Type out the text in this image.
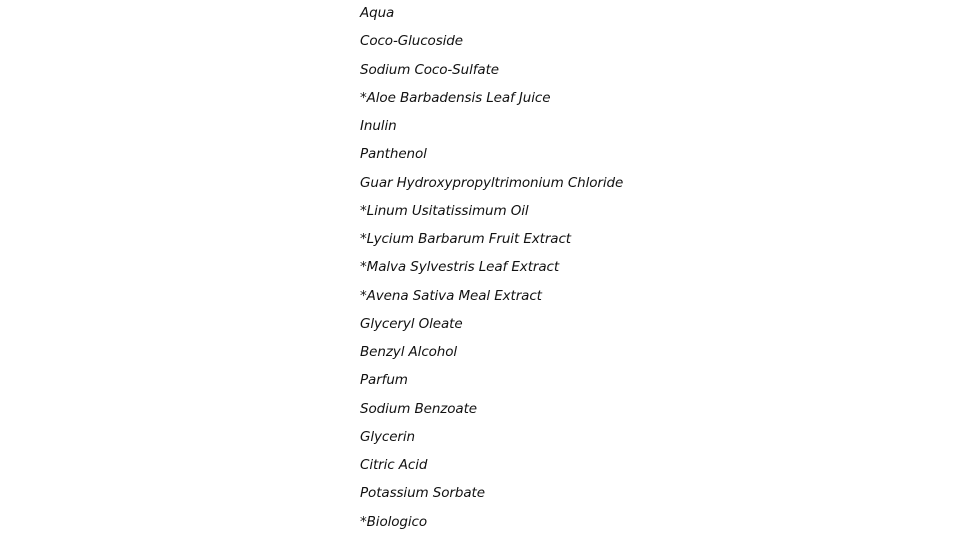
Aqua
Coco-Glucoside
Sodium Coco-Sulfate
*Aloe Barbadensis Leaf Juice
Inulin
Panthenol
Guar Hydroxypropyltrimonium Chloride
*Linum Usitatissimum Oil
*Lycium Barbarum Fruit Extract
*Malva Sylvestris Leaf Extract
*Avena Sativa Meal Extract
Glyceryl Oleate
Benzyl Alcohol
Parfum
Sodium Benzoate
Glycerin
Citric Acid
Potassium Sorbate
*Biologico
